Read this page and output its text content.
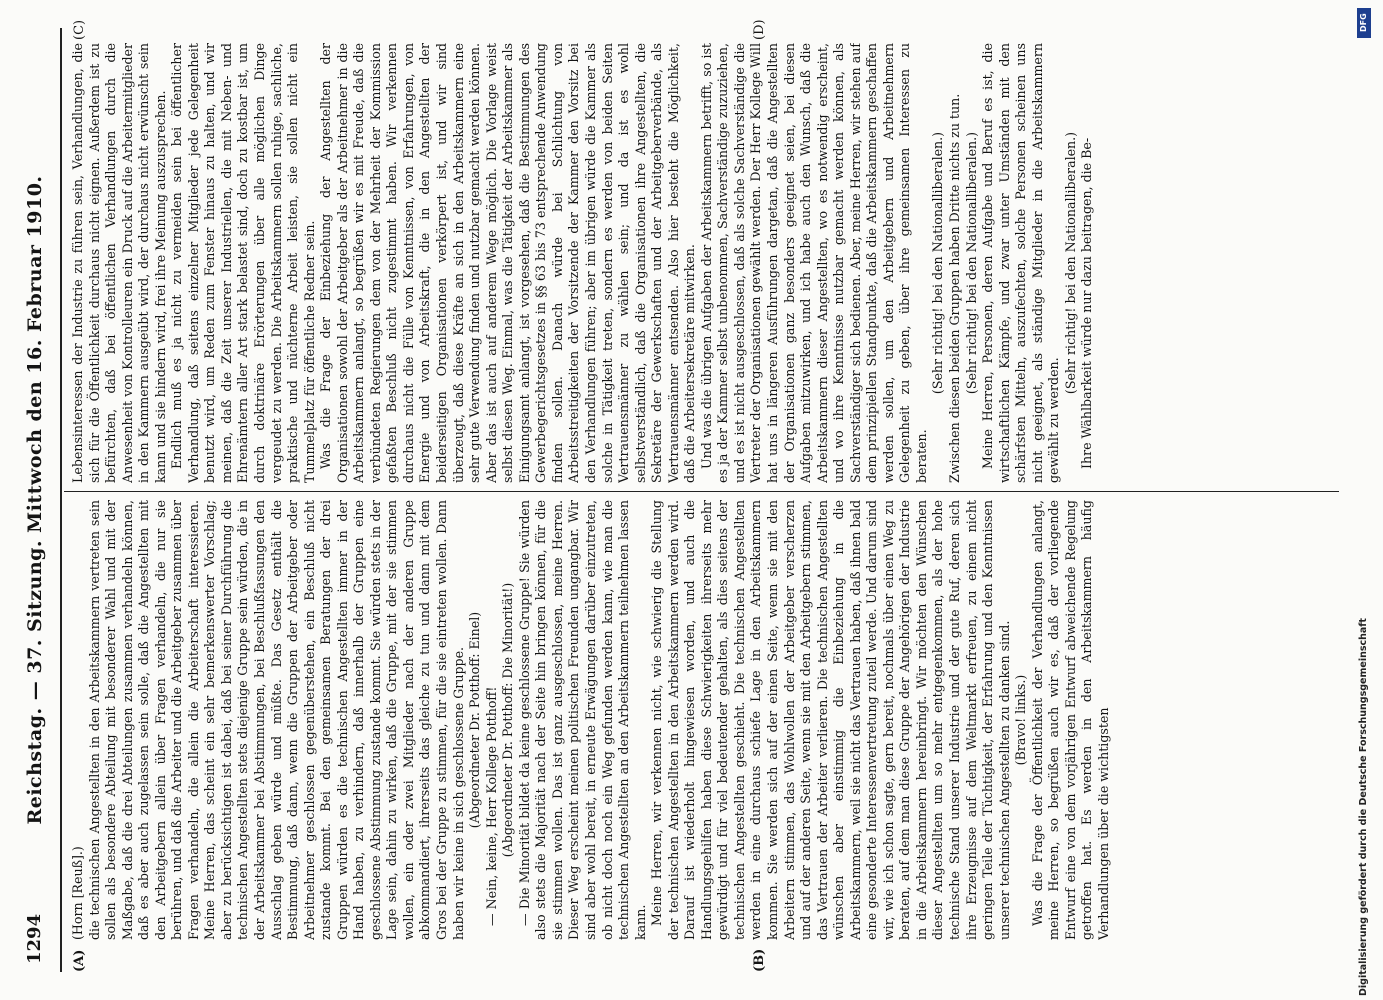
1294
Reichstag. — 37. Sitzung. Mittwoch den 16. Februar 1910.
(A)	(B)
(C)	(D)

(Horn [Reuß].) die technischen Angestellten in den Arbeitskammern vertreten sein sollen als besondere Abteilung mit besonderer Wahl und mit der Maßgabe, daß die drei Abteilungen zusammen verhandeln können, daß es aber auch zugelassen sein solle, daß die Angestellten mit den Arbeitgebern allein über Fragen verhandeln, die nur sie berühren, und daß die Arbeiter und die Arbeitgeber zusammen über Fragen verhandeln, die allein die Arbeiterschaft interessieren. Meine Herren, das scheint ein sehr bemerkenswerter Vorschlag; aber zu berücksichtigen ist dabei, daß bei seiner Durchführung die technischen Angestellten stets diejenige Gruppe sein würden, die in der Arbeitskammer bei Abstimmungen, bei Beschlußfassungen den Ausschlag geben würde und müßte. Das Gesetz enthält die Bestimmung, daß dann, wenn die Gruppen der Arbeitgeber oder Arbeitnehmer geschlossen gegenüberstehen, ein Beschluß nicht zustande kommt. Bei den gemeinsamen Beratungen der drei Gruppen würden es die technischen Angestellten immer in der Hand haben, zu verhindern, daß innerhalb der Gruppen eine geschlossene Abstimmung zustande kommt. Sie würden stets in der Lage sein, dahin zu wirken, daß die Gruppe, mit der sie stimmen wollen, ein oder zwei Mitglieder nach der anderen Gruppe abkommandiert, ihrerseits das gleiche zu tun und dann mit dem Gros bei der Gruppe zu stimmen, für die sie eintreten wollen. Dann haben wir keine in sich geschlossene Gruppe. (Abgeordneter Dr. Potthoff: Einel) — Nein, keine, Herr Kollege Potthoff! (Abgeordneter Dr. Potthoff: Die Minorität!) — Die Minorität bildet da keine geschlossene Gruppe! Sie würden also stets die Majorität nach der Seite hin bringen können, für die sie stimmen wollen. Das ist ganz ausgeschlossen, meine Herren. Dieser Weg erscheint meinen politischen Freunden ungangbar. Wir sind aber wohl bereit, in erneute Erwägungen darüber einzutreten, ob nicht doch noch ein Weg gefunden werden kann, wie man die technischen Angestellten an den Arbeitskammern teilnehmen lassen kann. Meine Herren, wir verkennen nicht, wie schwierig die Stellung der technischen Angestellten in den Arbeitskammern werden wird. Darauf ist wiederholt hingewiesen worden, und auch die Handlungsgehilfen haben diese Schwierigkeiten ihrerseits mehr gewürdigt und für viel bedeutender gehalten, als dies seitens der technischen Angestellten geschieht. Die technischen Angestellten werden in eine durchaus schiefe Lage in den Arbeitskammern kommen. Sie werden sich auf der einen Seite, wenn sie mit den Arbeitern stimmen, das Wohlwollen der Arbeitgeber verscherzen und auf der anderen Seite, wenn sie mit den Arbeitgebern stimmen, das Vertrauen der Arbeiter verlieren. Die technischen Angestellten wünschen aber einstimmig die Einbeziehung in die Arbeitskammern, weil sie nicht das Vertrauen haben, daß ihnen bald eine gesonderte Interessenvertretung zuteil werde. Und darum sind wir, wie ich schon sagte, gern bereit, nochmals über einen Weg zu beraten, auf dem man diese Gruppe der Angehörigen der Industrie in die Arbeitskammern hereinbringt. Wir möchten den Wünschen dieser Angestellten um so mehr entgegenkommen, als der hohe technische Stand unserer Industrie und der gute Ruf, deren sich ihre Erzeugnisse auf dem Weltmarkt erfreuen, zu einem nicht geringen Teile der Tüchtigkeit, der Erfahrung und den Kenntnissen unserer technischen Angestellten zu danken sind. (Bravo! links.) Was die Frage der Öffentlichkeit der Verhandlungen anlangt, meine Herren, so begrüßen auch wir es, daß der vorliegende Entwurf eine von dem vorjährigen Entwurf abweichende Regelung getroffen hat. Es werden in den Arbeitskammern häufig Verhandlungen über die wichtigsten

Lebensinteressen der Industrie zu führen sein, Verhandlungen, die sich für die Öffentlichkeit durchaus nicht eignen. Außerdem ist zu befürchten, daß bei öffentlichen Verhandlungen durch die Anwesenheit von Kontrolleuren ein Druck auf die Arbeitermitglieder in den Kammern ausgeübt wird, der durchaus nicht erwünscht sein kann und sie hindern wird, frei ihre Meinung auszusprechen. Endlich muß es ja nicht zu vermeiden sein bei öffentlicher Verhandlung, daß seitens einzelner Mitglieder jede Gelegenheit benutzt wird, um Reden zum Fenster hinaus zu halten, und wir meinen, daß die Zeit unserer Industriellen, die mit Neben- und Ehrenämtern aller Art stark belastet sind, doch zu kostbar ist, um durch doktrinäre Erörterungen über alle möglichen Dinge vergeudet zu werden. Die Arbeitskammern sollen ruhige, sachliche, praktische und nüchterne Arbeit leisten, sie sollen nicht ein Tummelplatz für öffentliche Redner sein. Was die Frage der Einbeziehung der Angestellten der Organisationen sowohl der Arbeitgeber als der Arbeitnehmer in die Arbeitskammern anlangt, so begrüßen wir es mit Freude, daß die verbündeten Regierungen dem von der Mehrheit der Kommission gefaßten Beschluß nicht zugestimmt haben. Wir verkennen durchaus nicht die Fülle von Kenntnissen, von Erfahrungen, von Energie und von Arbeitskraft, die in den Angestellten der beiderseitigen Organisationen verkörpert ist, und wir sind überzeugt, daß diese Kräfte an sich in den Arbeitskammern eine sehr gute Verwendung finden und nutzbar gemacht werden können. Aber das ist auch auf anderem Wege möglich. Die Vorlage weist selbst diesen Weg. Einmal, was die Tätigkeit der Arbeitskammer als Einigungsamt anlangt, ist vorgesehen, daß die Bestimmungen des Gewerbegerichtsgesetzes in §§ 63 bis 73 entsprechende Anwendung finden sollen. Danach würde bei Schlichtung von Arbeitsstreitigkeiten der Vorsitzende der Kammer den Vorsitz bei den Verhandlungen führen; aber im übrigen würde die Kammer als solche in Tätigkeit treten, sondern es werden von beiden Seiten Vertrauensmänner zu wählen sein; und da ist es wohl selbstverständlich, daß die Organisationen ihre Angestellten, die Sekretäre der Gewerkschaften und der Arbeitgeberverbände, als Vertrauensmänner entsenden. Also hier besteht die Möglichkeit, daß die Arbeitersekretäre mitwirken. Und was die übrigen Aufgaben der Arbeitskammern betrifft, so ist es ja der Kammer selbst unbenommen, Sachverständige zuzuziehen, und es ist nicht ausgeschlossen, daß als solche Sachverständige die Vertreter der Organisationen gewählt werden. Der Herr Kollege Will hat uns in längeren Ausführungen dargetan, daß die Angestellten der Organisationen ganz besonders geeignet seien, bei diesen Aufgaben mitzuwirken, und ich habe auch den Wunsch, daß die Arbeitskammern dieser Angestellten, wo es notwendig erscheint, und wo ihre Kenntnisse nutzbar gemacht werden können, als Sachverständiger sich bedienen. Aber, meine Herren, wir stehen auf dem prinzipiellen Standpunkte, daß die Arbeitskammern geschaffen werden sollen, um den Arbeitgebern und Arbeitnehmern Gelegenheit zu geben, über ihre gemeinsamen Interessen zu beraten.

(Sehr richtig! bei den Nationalliberalen.) Zwischen diesen beiden Gruppen haben Dritte nichts zu tun. (Sehr richtig! bei den Nationalliberalen.) Meine Herren, Personen, deren Aufgabe und Beruf es ist, die wirtschaftlichen Kämpfe, und zwar unter Umständen mit den schärfsten Mitteln, auszufechten, solche Personen scheinen uns nicht geeignet, als ständige Mitglieder in die Arbeitskammern gewählt zu werden.

(Sehr richtig! bei den Nationalliberalen.) Ihre Wählbarkeit würde nur dazu beitragen, die Be-

DFG
Digitalisierung gefördert durch die Deutsche Forschungsgemeinschaft
